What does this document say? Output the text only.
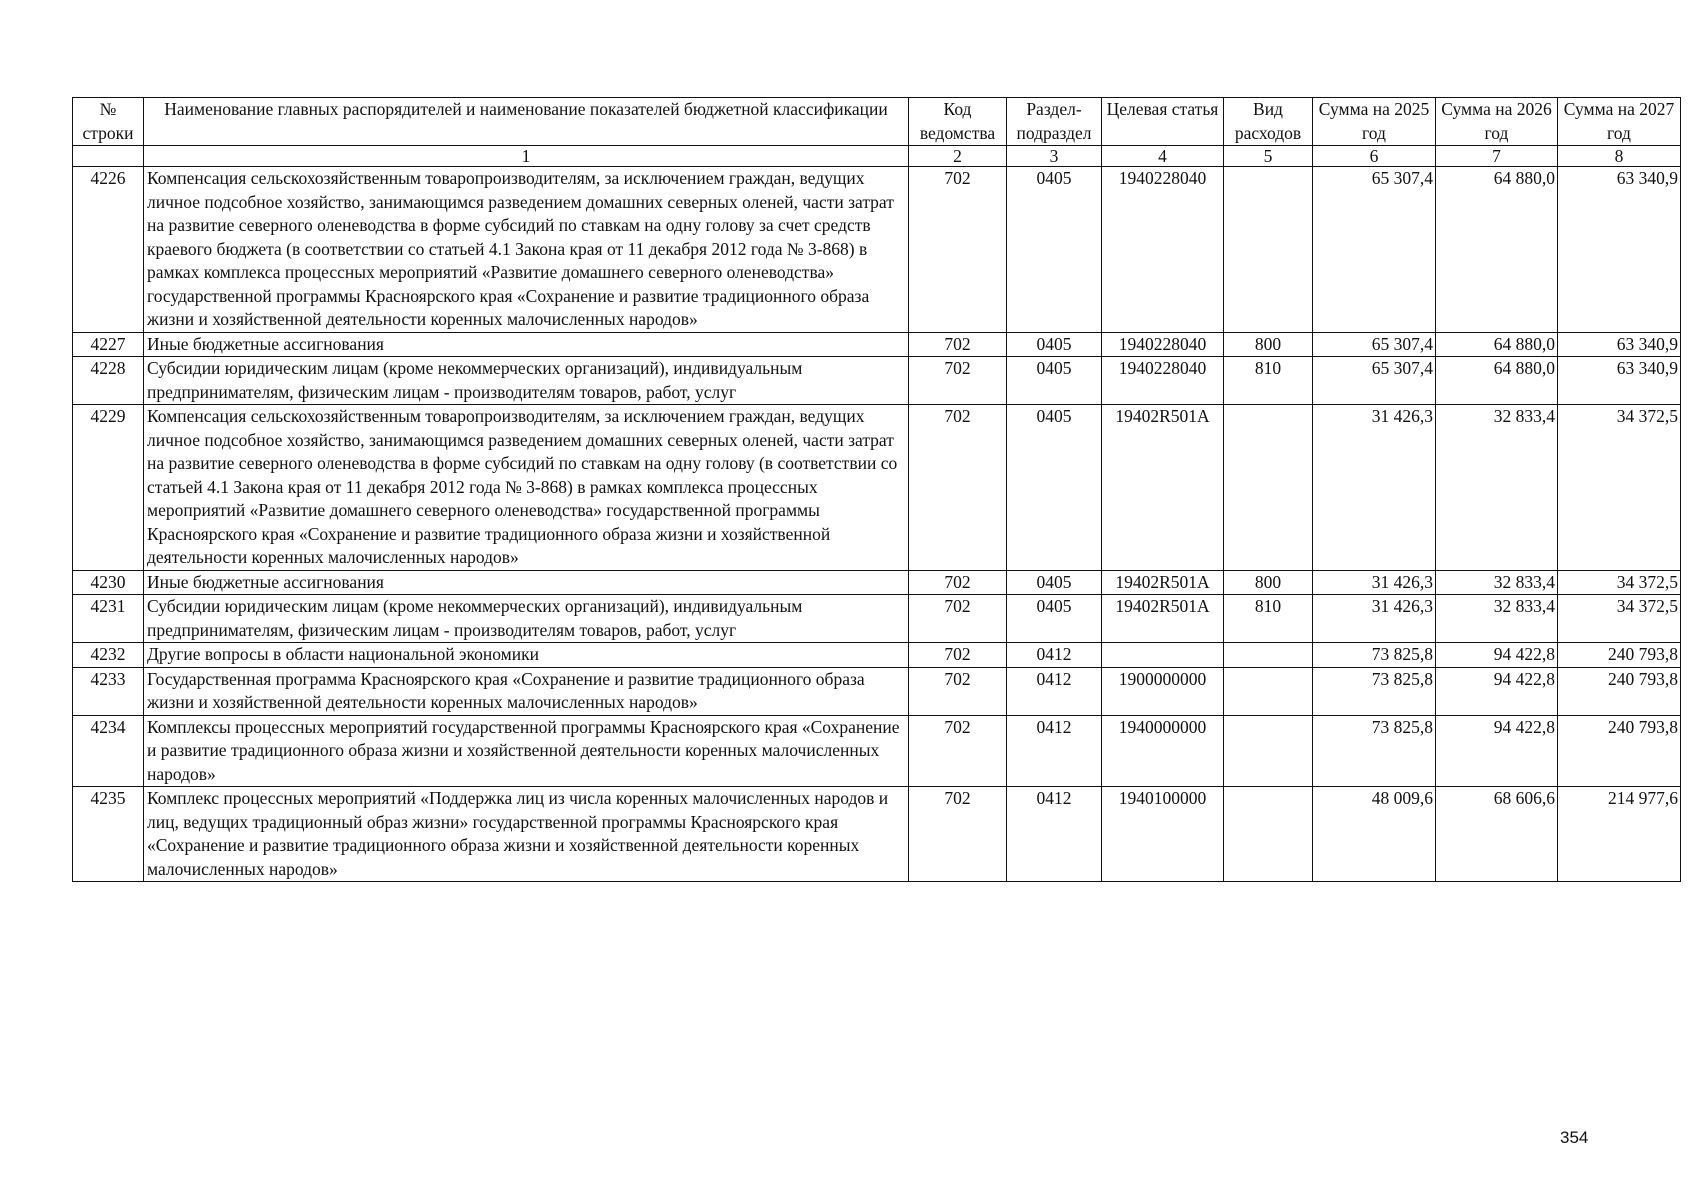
№ строки	Наименование главных распорядителей и наименование показателей бюджетной классификации	Код ведомства	Раздел-подраздел	Целевая статья	Вид расходов	Сумма на 2025 год	Сумма на 2026 год	Сумма на 2027 год
	1	2	3	4	5	6	7	8
4226	Компенсация сельскохозяйственным товаропроизводителям, за исключением граждан, ведущих личное подсобное хозяйство, занимающимся разведением домашних северных оленей, части затрат на развитие северного оленеводства в форме субсидий по ставкам на одну голову за счет средств краевого бюджета (в соответствии со статьей 4.1 Закона края от 11 декабря 2012 года № 3-868) в рамках комплекса процессных мероприятий «Развитие домашнего северного оленеводства» государственной программы Красноярского края «Сохранение и развитие традиционного образа жизни и хозяйственной деятельности коренных малочисленных народов»	702	0405	1940228040		65 307,4	64 880,0	63 340,9
4227	Иные бюджетные ассигнования	702	0405	1940228040	800	65 307,4	64 880,0	63 340,9
4228	Субсидии юридическим лицам (кроме некоммерческих организаций), индивидуальным предпринимателям, физическим лицам - производителям товаров, работ, услуг	702	0405	1940228040	810	65 307,4	64 880,0	63 340,9
4229	Компенсация сельскохозяйственным товаропроизводителям, за исключением граждан, ведущих личное подсобное хозяйство, занимающимся разведением домашних северных оленей, части затрат на развитие северного оленеводства в форме субсидий по ставкам на одну голову (в соответствии со статьей 4.1 Закона края от 11 декабря 2012 года № 3-868) в рамках комплекса процессных мероприятий «Развитие домашнего северного оленеводства» государственной программы Красноярского края «Сохранение и развитие традиционного образа жизни и хозяйственной деятельности коренных малочисленных народов»	702	0405	19402R501A		31 426,3	32 833,4	34 372,5
4230	Иные бюджетные ассигнования	702	0405	19402R501A	800	31 426,3	32 833,4	34 372,5
4231	Субсидии юридическим лицам (кроме некоммерческих организаций), индивидуальным предпринимателям, физическим лицам - производителям товаров, работ, услуг	702	0405	19402R501A	810	31 426,3	32 833,4	34 372,5
4232	Другие вопросы в области национальной экономики	702	0412			73 825,8	94 422,8	240 793,8
4233	Государственная программа Красноярского края «Сохранение и развитие традиционного образа жизни и хозяйственной деятельности коренных малочисленных народов»	702	0412	1900000000		73 825,8	94 422,8	240 793,8
4234	Комплексы процессных мероприятий государственной программы Красноярского края «Сохранение и развитие традиционного образа жизни и хозяйственной деятельности коренных малочисленных народов»	702	0412	1940000000		73 825,8	94 422,8	240 793,8
4235	Комплекс процессных мероприятий «Поддержка лиц из числа коренных малочисленных народов и лиц, ведущих традиционный образ жизни» государственной программы Красноярского края «Сохранение и развитие традиционного образа жизни и хозяйственной деятельности коренных малочисленных народов»	702	0412	1940100000		48 009,6	68 606,6	214 977,6
354
